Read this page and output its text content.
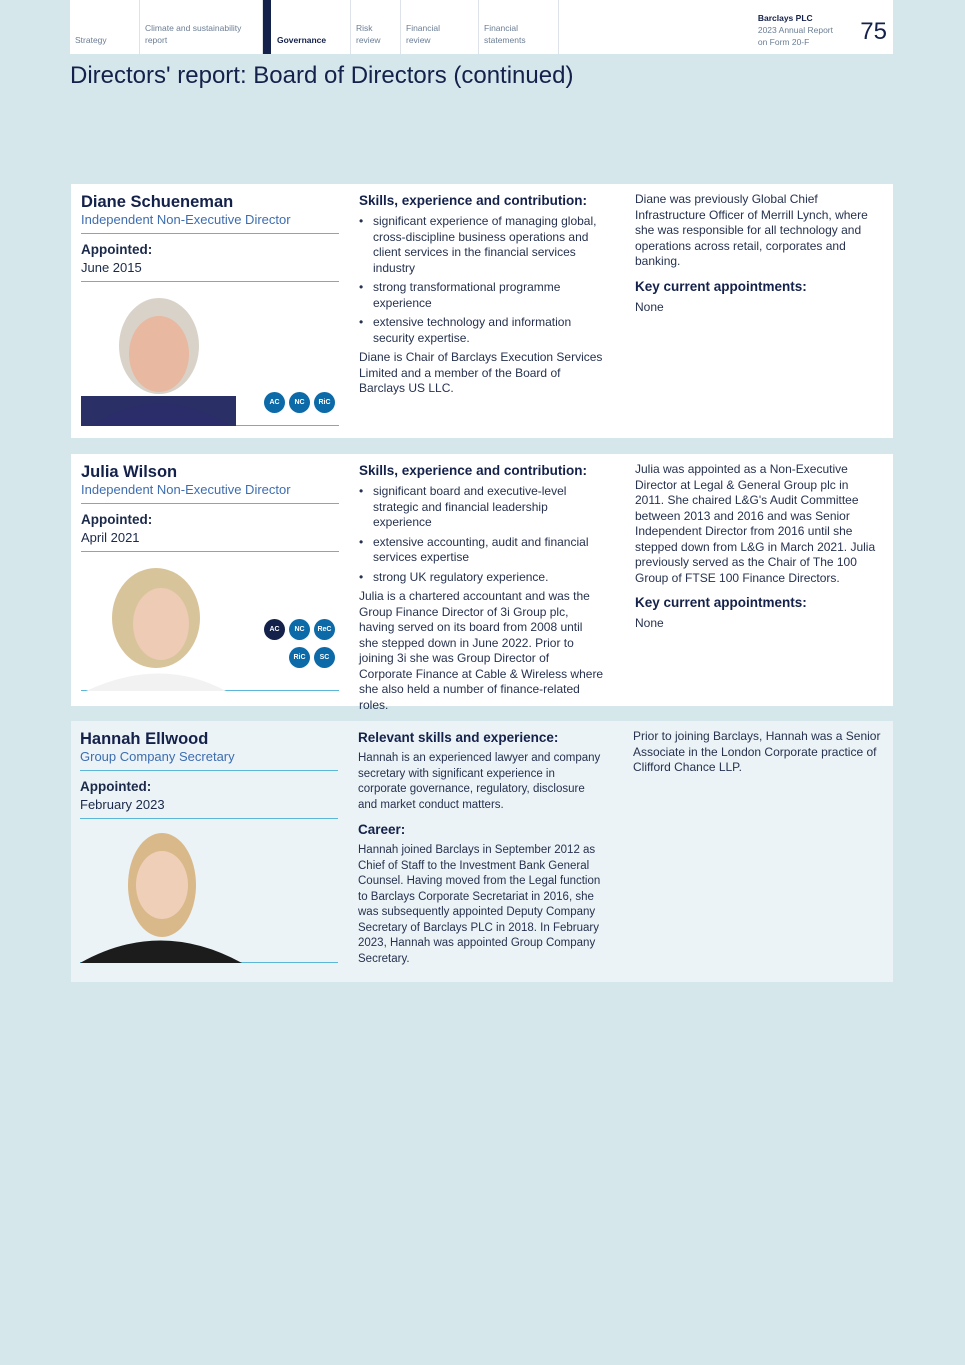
Strategy
Climate and sustainability report	Governance
Risk review
Financial review
Financial statements
Barclays PLC
2023 Annual Report
on Form 20-F	75
Directors' report: Board of Directors (continued)
Diane Schueneman
Independent Non-Executive Director
Appointed:
June 2015
AC	NC	RiC
Skills, experience and contribution:
• significant experience of managing global, cross-discipline business operations and client services in the financial services industry
• strong transformational programme experience
• extensive technology and information security expertise.

Diane is Chair of Barclays Execution Services Limited and a member of the Board of Barclays US LLC.

Diane was previously Global Chief Infrastructure Officer of Merrill Lynch, where she was responsible for all technology and operations across retail, corporates and banking.

Key current appointments:

None

Julia Wilson
Independent Non-Executive Director
Appointed:
April 2021
AC	NC	ReC
RiC	SC
Skills, experience and contribution:
• significant board and executive-level strategic and financial leadership experience
• extensive accounting, audit and financial services expertise
• strong UK regulatory experience.

Julia is a chartered accountant and was the Group Finance Director of 3i Group plc, having served on its board from 2008 until she stepped down in June 2022. Prior to joining 3i she was Group Director of Corporate Finance at Cable & Wireless where she also held a number of finance-related roles.

Julia was appointed as a Non-Executive Director at Legal & General Group plc in 2011. She chaired L&G's Audit Committee between 2013 and 2016 and was Senior Independent Director from 2016 until she stepped down from L&G in March 2021. Julia previously served as the Chair of The 100 Group of FTSE 100 Finance Directors.

Key current appointments:

None

Hannah Ellwood
Group Company Secretary
Appointed:
February 2023
Relevant skills and experience:

Hannah is an experienced lawyer and company secretary with significant experience in corporate governance, regulatory, disclosure and market conduct matters.

Career:

Hannah joined Barclays in September 2012 as Chief of Staff to the Investment Bank General Counsel. Having moved from the Legal function to Barclays Corporate Secretariat in 2016, she was subsequently appointed Deputy Company Secretary of Barclays PLC in 2018. In February 2023, Hannah was appointed Group Company Secretary.

Prior to joining Barclays, Hannah was a Senior Associate in the London Corporate practice of Clifford Chance LLP.
